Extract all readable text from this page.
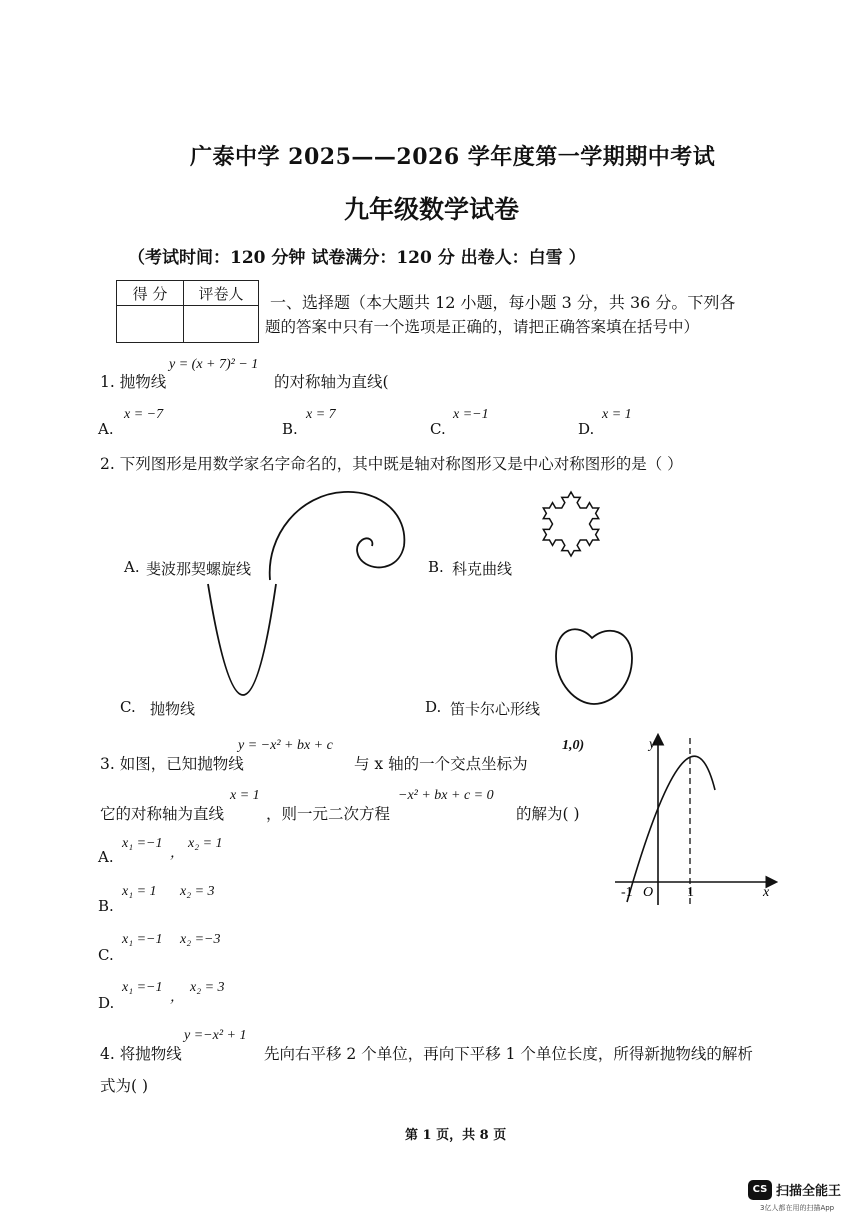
广泰中学 2025——2026 学年度第一学期期中考试
九年级数学试卷
（考试时间：120 分钟 试卷满分：120 分 出卷人：白雪 ）
得 分	评卷人
	一、选择题（本大题共 12 小题，每小题 3 分，共 36 分。下列各
题的答案中只有一个选项是正确的，请把正确答案填在括号中）
1. 抛物线
y = (x + 7)² − 1
的对称轴为直线(
A.
x = −7
B.
x = 7
C.
x =−1
D.
x = 1
2. 下列图形是用数学家名字命名的，其中既是轴对称图形又是中心对称图形的是（ ）
A. 斐波那契螺旋线	B. 科克曲线
C. 抛物线	D. 笛卡尔心形线
3. 如图，已知抛物线
y = −x² + bx + c
与 x 轴的一个交点坐标为
1,0)
它的对称轴为直线
x = 1
，则一元二次方程
−x² + bx + c = 0
的解为( )
A.
x₁ =−1
，
x₂ = 1
B.
x₁ = 1 x₂ = 3
C.
x₁ =−1 x₂ =−3
D.
x₁ =−1
，
x₂ = 3
y
x
-1 O 1
4. 将抛物线
y =−x² + 1
先向右平移 2 个单位，再向下平移 1 个单位长度，所得新抛物线的解析
式为( )
第 1 页，共 8 页
CS 扫描全能王
3亿人都在用的扫描App
